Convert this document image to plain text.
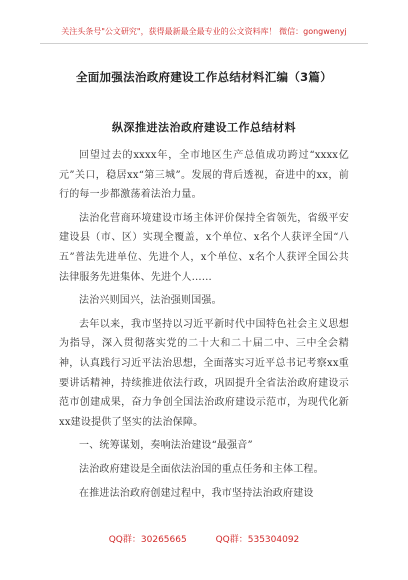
关注头条号"公文研究"，获得最新最全最专业的公文资料库！ 微信：gongwenyj
全面加强法治政府建设工作总结材料汇编（3篇）
纵深推进法治政府建设工作总结材料

回望过去的xxxx年，全市地区生产总值成功跨过“xxxx亿元”关口，稳居xx“第三城”。发展的背后透视，奋进中的xx，前行的每一步都激荡着法治力量。

法治化营商环境建设市场主体评价保持全省领先，省级平安建设县（市、区）实现全覆盖，x个单位、x名个人获评全国“八五”普法先进单位、先进个人，x个单位、x名个人获评全国公共法律服务先进集体、先进个人……

法治兴则国兴，法治强则国强。

去年以来，我市坚持以习近平新时代中国特色社会主义思想为指导，深入贯彻落实党的二十大和二十届二中、三中全会精神，认真践行习近平法治思想，全面落实习近平总书记考察xx重要讲话精神，持续推进依法行政，巩固提升全省法治政府建设示范市创建成果，奋力争创全国法治政府建设示范市，为现代化新xx建设提供了坚实的法治保障。

一、统筹谋划，奏响法治建设“最强音”

法治政府建设是全面依法治国的重点任务和主体工程。

在推进法治政府创建过程中，我市坚持法治政府建设

QQ群：30265665	QQ群：535304092
